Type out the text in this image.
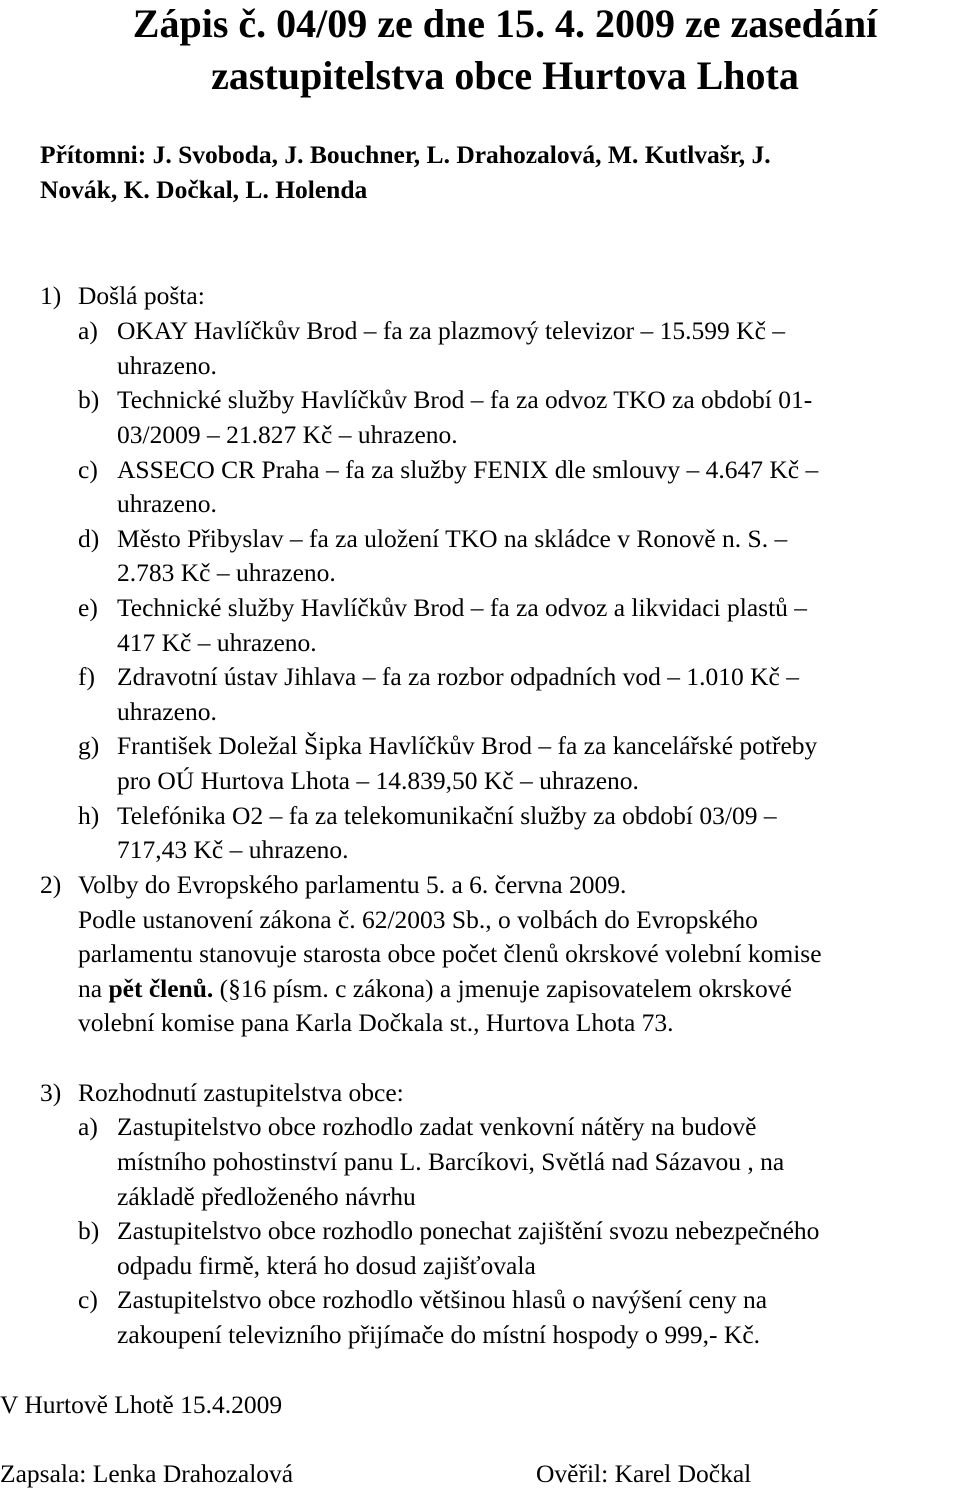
Zápis č. 04/09 ze dne 15. 4. 2009 ze zasedání
zastupitelstva obce Hurtova Lhota
Přítomni: J. Svoboda, J. Bouchner, L. Drahozalová, M. Kutlvašr, J.
Novák, K. Dočkal, L. Holenda
1) Došlá pošta:
a) OKAY Havlíčkův Brod – fa za plazmový televizor – 15.599 Kč –
uhrazeno.
b) Technické služby Havlíčkův Brod – fa za odvoz TKO za období 01-
03/2009 – 21.827 Kč – uhrazeno.
c) ASSECO CR Praha – fa za služby FENIX dle smlouvy – 4.647 Kč –
uhrazeno.
d) Město Přibyslav – fa za uložení TKO na skládce v Ronově n. S. –
2.783 Kč – uhrazeno.
e) Technické služby Havlíčkův Brod – fa za odvoz a likvidaci plastů –
417 Kč – uhrazeno.
f) Zdravotní ústav Jihlava – fa za rozbor odpadních vod – 1.010 Kč –
uhrazeno.
g) František Doležal Šipka Havlíčkův Brod – fa za kancelářské potřeby
pro OÚ Hurtova Lhota – 14.839,50 Kč – uhrazeno.
h) Telefónika O2 – fa za telekomunikační služby za období 03/09 –
717,43 Kč – uhrazeno.
2) Volby do Evropského parlamentu 5. a 6. června 2009.
Podle ustanovení zákona č. 62/2003 Sb., o volbách do Evropského
parlamentu stanovuje starosta obce počet členů okrskové volební komise
na pět členů. (§16 písm. c zákona) a jmenuje zapisovatelem okrskové
volební komise pana Karla Dočkala st., Hurtova Lhota 73.
3) Rozhodnutí zastupitelstva obce:
a) Zastupitelstvo obce rozhodlo zadat venkovní nátěry na budově
místního pohostinství panu L. Barcíkovi, Světlá nad Sázavou , na
základě předloženého návrhu
b) Zastupitelstvo obce rozhodlo ponechat zajištění svozu nebezpečného
odpadu firmě, která ho dosud zajišťovala
c) Zastupitelstvo obce rozhodlo většinou hlasů o navýšení ceny na
zakoupení televizního přijímače do místní hospody o 999,- Kč.
V Hurtově Lhotě 15.4.2009
Zapsala: Lenka Drahozalová	Ověřil: Karel Dočkal
